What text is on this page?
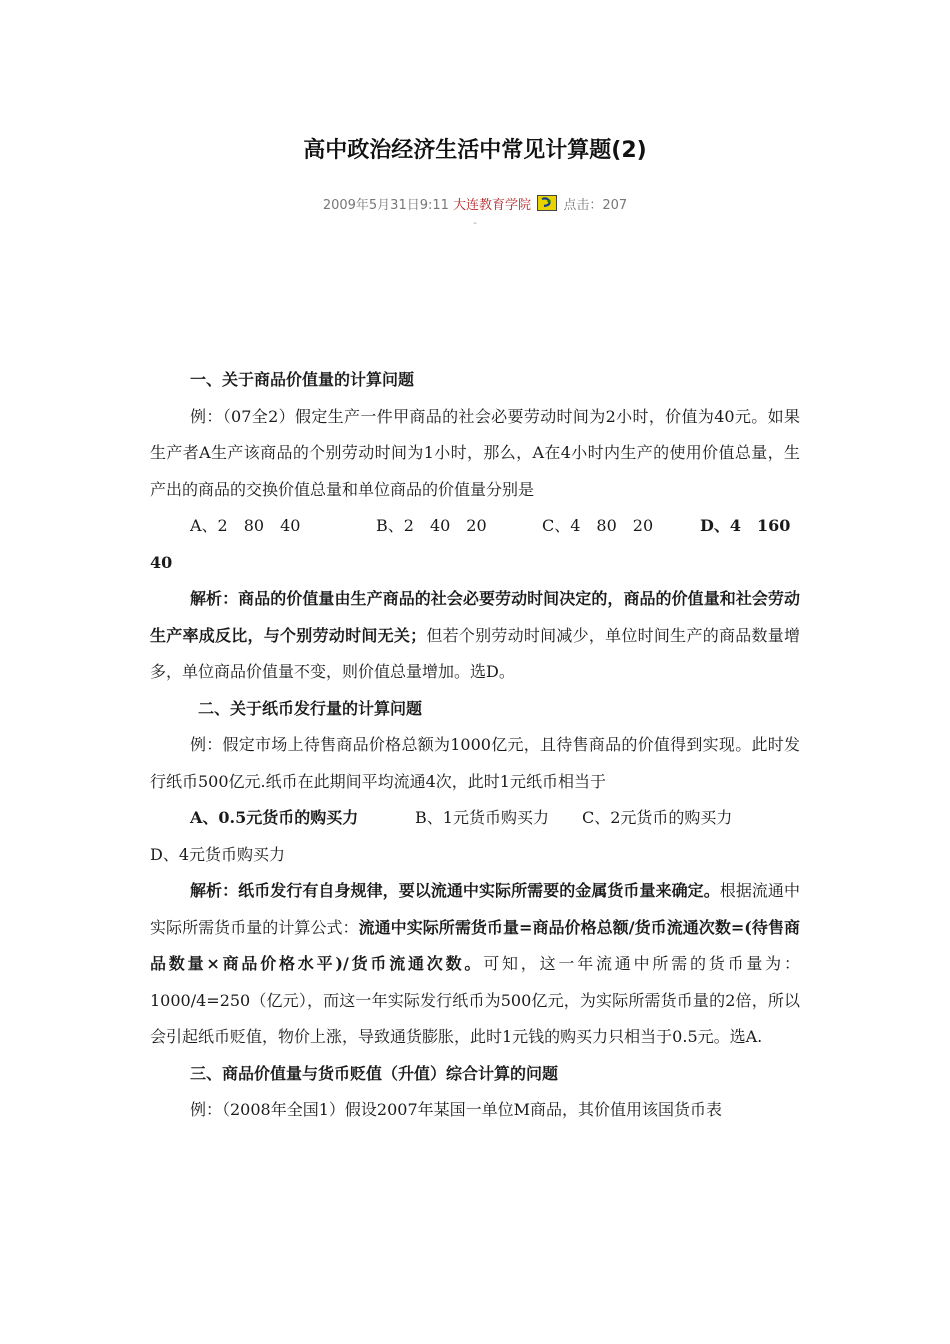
高中政治经济生活中常见计算题(2)
2009年5月31日9:11 大连教育学院 点击：207
-

一、关于商品价值量的计算问题

例：（07全2）假定生产一件甲商品的社会必要劳动时间为2小时，价值为40元。如果生产者A生产该商品的个别劳动时间为1小时，那么，A在4小时内生产的使用价值总量，生产出的商品的交换价值总量和单位商品的价值量分别是

A、2　80　40	B、2　40　20	C、4　80　20	D、4　160

40

解析：商品的价值量由生产商品的社会必要劳动时间决定的，商品的价值量和社会劳动生产率成反比，与个别劳动时间无关；但若个别劳动时间减少，单位时间生产的商品数量增多，单位商品价值量不变，则价值总量增加。选D。

二、关于纸币发行量的计算问题

例：假定市场上待售商品价格总额为1000亿元，且待售商品的价值得到实现。此时发行纸币500亿元.纸币在此期间平均流通4次，此时1元纸币相当于

A、0.5元货币的购买力	B、1元货币购买力 C、2元货币的购买力

D、4元货币购买力

解析：纸币发行有自身规律，要以流通中实际所需要的金属货币量来确定。根据流通中实际所需货币量的计算公式：流通中实际所需货币量=商品价格总额/货币流通次数=(待售商品数量×商品价格水平)/货币流通次数。可知，这一年流通中所需的货币量为：1000/4=250（亿元），而这一年实际发行纸币为500亿元，为实际所需货币量的2倍，所以会引起纸币贬值，物价上涨，导致通货膨胀，此时1元钱的购买力只相当于0.5元。选A.

三、商品价值量与货币贬值（升值）综合计算的问题

例：（2008年全国1）假设2007年某国一单位M商品，其价值用该国货币表
